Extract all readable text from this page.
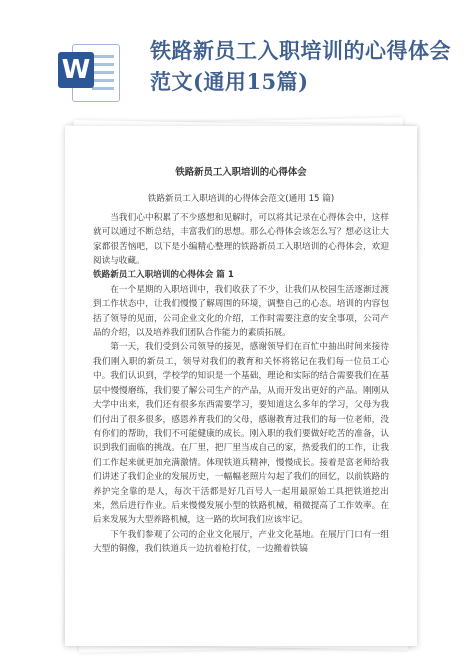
W
铁路新员工入职培训的心得体会范文(通用15篇)

铁路新员工入职培训的心得体会

铁路新员工入职培训的心得体会范文(通用 15 篇)

当我们心中积累了不少感想和见解时，可以将其记录在心得体会中，这样就可以通过不断总结，丰富我们的思想。那么心得体会该怎么写？想必这让大家都很苦恼吧，以下是小编精心整理的铁路新员工入职培训的心得体会，欢迎阅读与收藏。

铁路新员工入职培训的心得体会 篇 1

在一个星期的入职培训中，我们收获了不少，让我们从校园生活逐渐过渡到工作状态中，让我们慢慢了解周围的环境，调整自己的心态。培训的内容包括了领导的见面，公司企业文化的介绍，工作时需要注意的安全事项，公司产品的介绍，以及培养我们团队合作能力的素质拓展。

第一天，我们受到公司领导的接见，感谢领导们在百忙中抽出时间来接待我们刚入职的新员工，领导对我们的教育和关怀将铭记在我们每一位员工心中。我们认识到，学校学的知识是一个基础，理论和实际的结合需要我们在基层中慢慢磨练，我们要了解公司生产的产品，从而开发出更好的产品。刚刚从大学中出来，我们还有很多东西需要学习，要知道这么多年的学习，父母为我们付出了很多很多，感恩养育我们的父母，感谢教育过我们的每一位老师，没有你们的帮助，我们不可能健康的成长。刚入职的我们要做好吃苦的准备，认识到我们面临的挑战。在厂里，把厂里当成自己的家，热爱我们的工作，让我们工作起来就更加充满激情。体现铁道兵精神，慢慢成长。接着是富老师给我们讲述了我们企业的发展历史，一幅幅老照片勾起了我们的回忆，以前铁路的养护完全靠的是人，每次干活都是好几百号人一起用最原始工具把铁道挖出来，然后进行作业。后来慢慢发展小型的铁路机械，稍微提高了工作效率。在后来发展为大型养路机械，这一路的坎坷我们应该牢记。

下午我们参观了公司的企业文化展厅，产业文化基地。在展厅门口有一组大型的铜像，我们铁道兵一边抗着枪打仗，一边搬着铁镐
